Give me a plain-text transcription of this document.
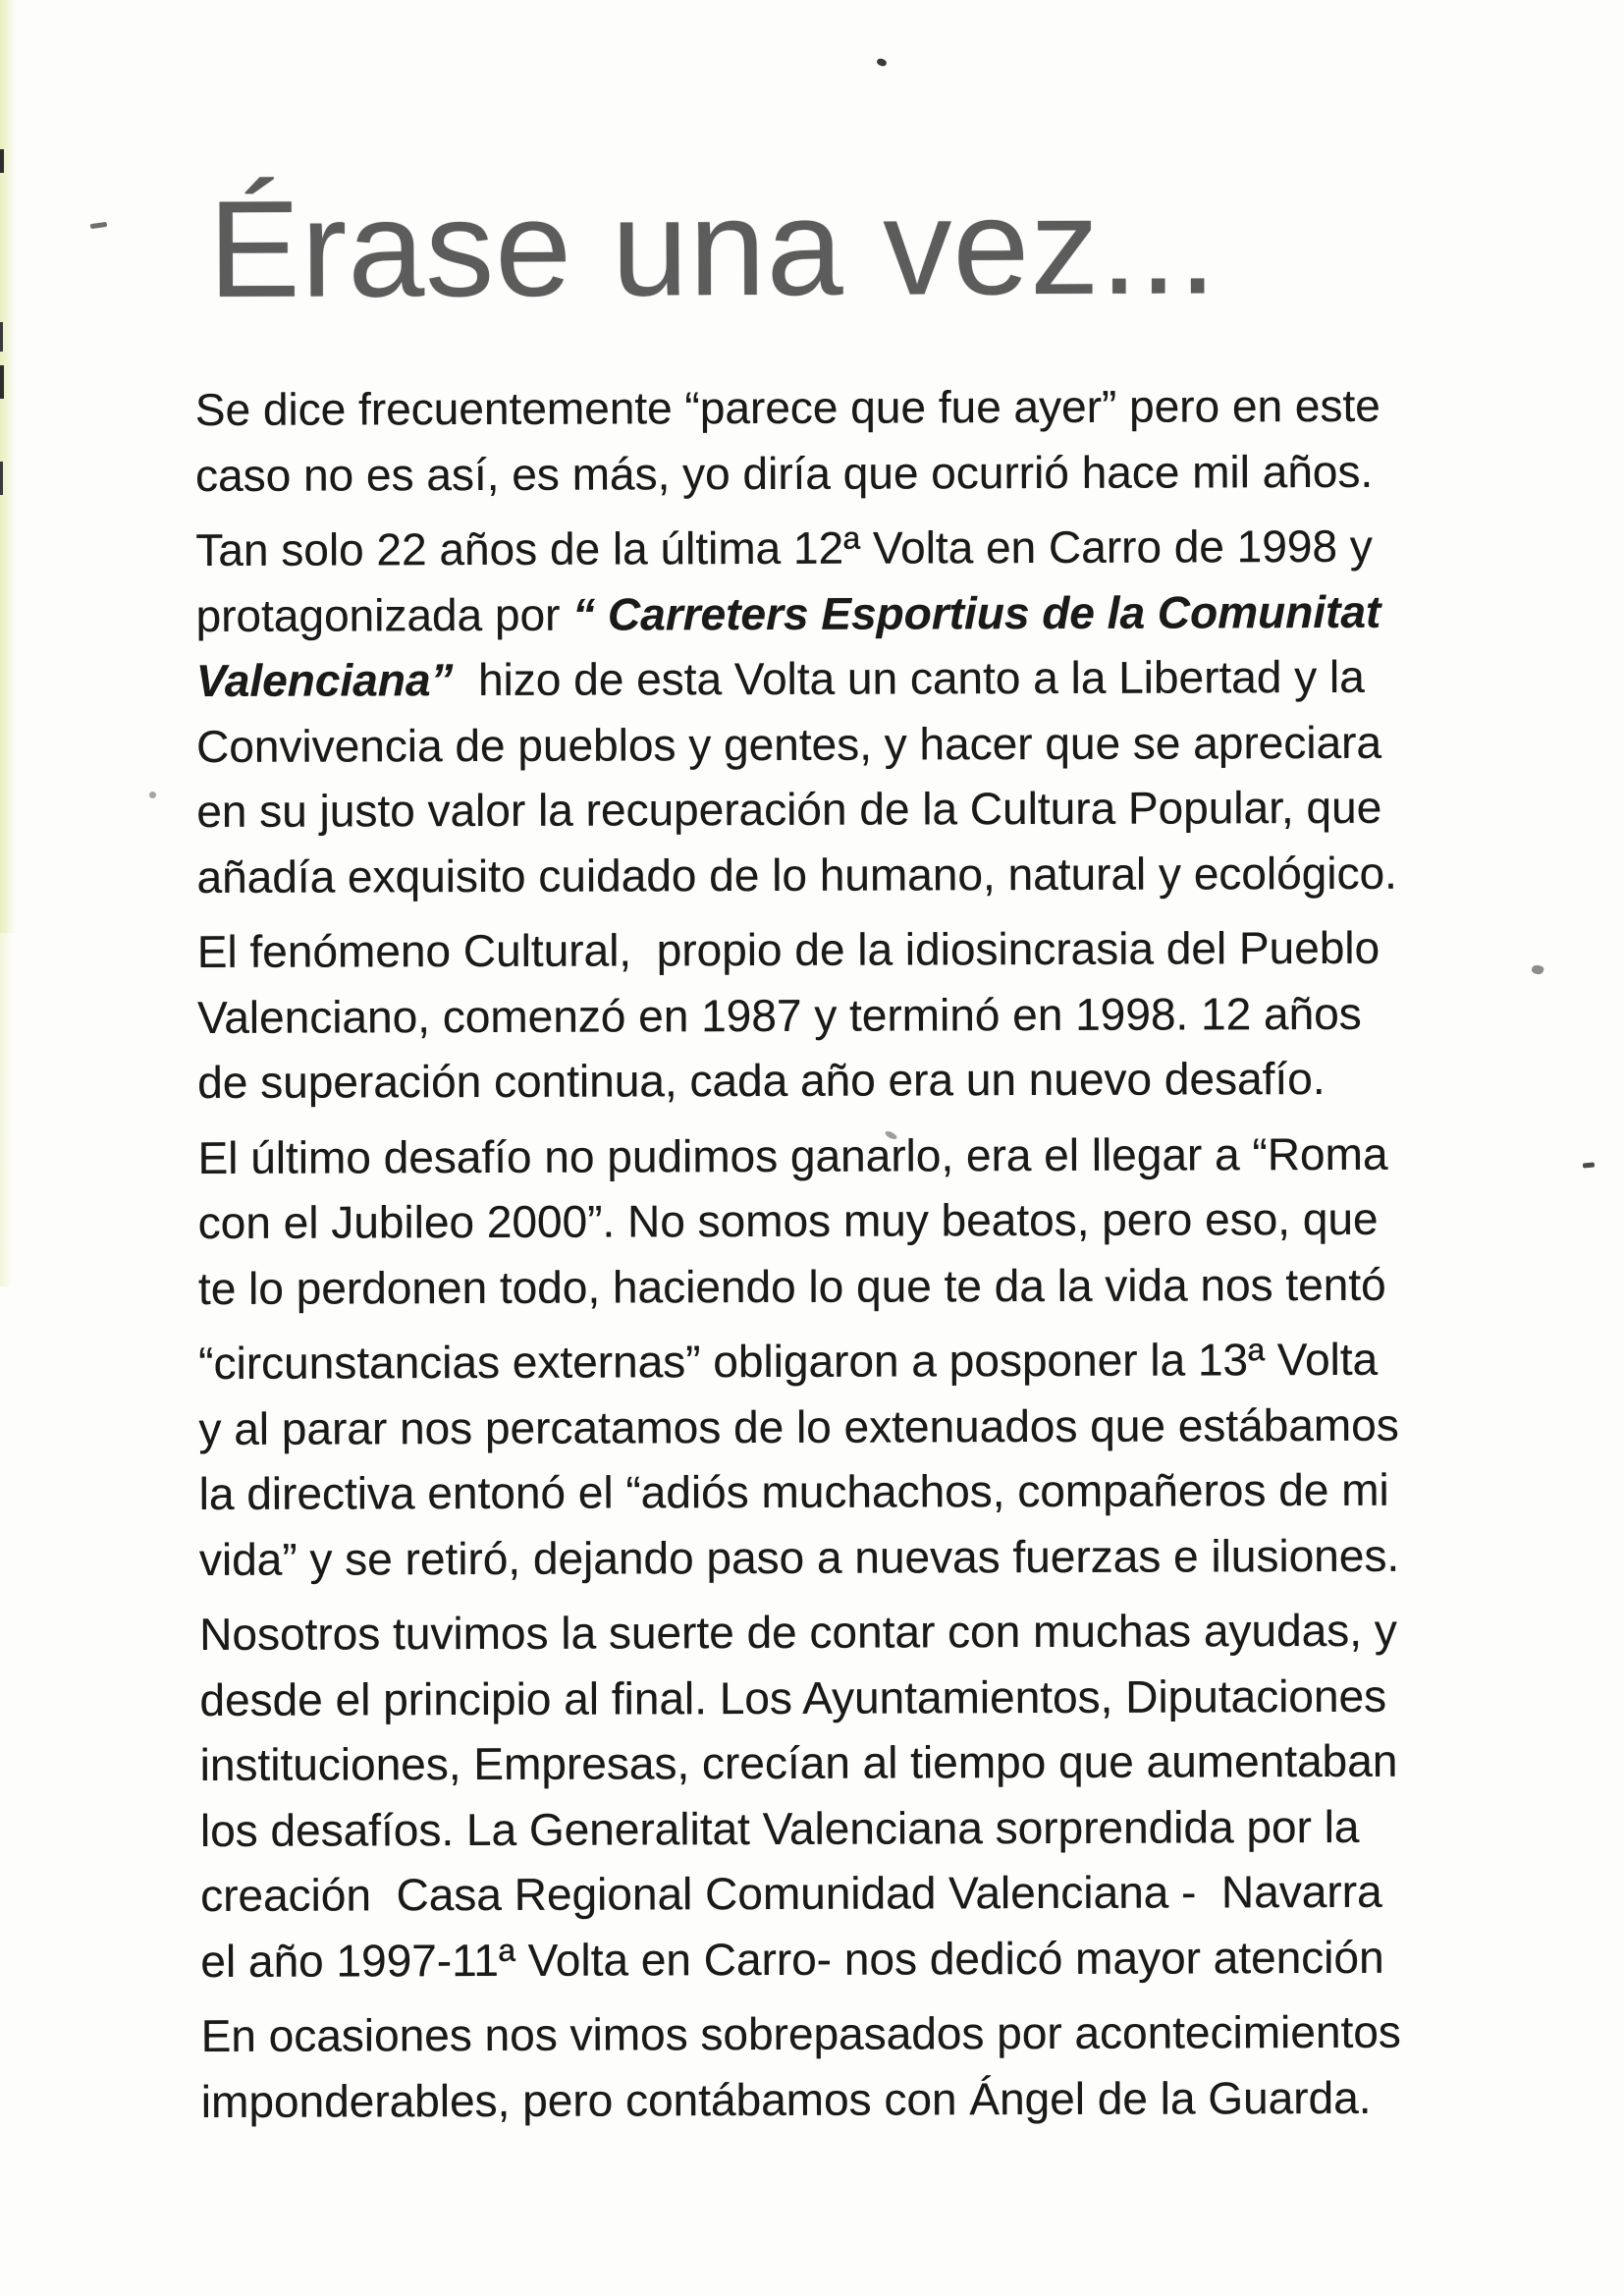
Érase una vez...

Se dice frecuentemente “parece que fue ayer” pero en este
caso no es así, es más, yo diría que ocurrió hace mil años.

Tan solo 22 años de la última 12ª Volta en Carro de 1998 y
protagonizada por “ Carreters Esportius de la Comunitat
Valenciana”  hizo de esta Volta un canto a la Libertad y la
Convivencia de pueblos y gentes, y hacer que se apreciara
en su justo valor la recuperación de la Cultura Popular, que
añadía exquisito cuidado de lo humano, natural y ecológico.

El fenómeno Cultural,  propio de la idiosincrasia del Pueblo
Valenciano, comenzó en 1987 y terminó en 1998. 12 años
de superación continua, cada año era un nuevo desafío.

El último desafío no pudimos ganarlo, era el llegar a “Roma
con el Jubileo 2000”. No somos muy beatos, pero eso, que
te lo perdonen todo, haciendo lo que te da la vida nos tentó

“circunstancias externas” obligaron a posponer la 13ª Volta
y al parar nos percatamos de lo extenuados que estábamos
la directiva entonó el “adiós muchachos, compañeros de mi
vida” y se retiró, dejando paso a nuevas fuerzas e ilusiones.

Nosotros tuvimos la suerte de contar con muchas ayudas, y
desde el principio al final. Los Ayuntamientos, Diputaciones
instituciones, Empresas, crecían al tiempo que aumentaban
los desafíos. La Generalitat Valenciana sorprendida por la
creación  Casa Regional Comunidad Valenciana -  Navarra
el año 1997-11ª Volta en Carro- nos dedicó mayor atención

En ocasiones nos vimos sobrepasados por acontecimientos
imponderables, pero contábamos con Ángel de la Guarda.
